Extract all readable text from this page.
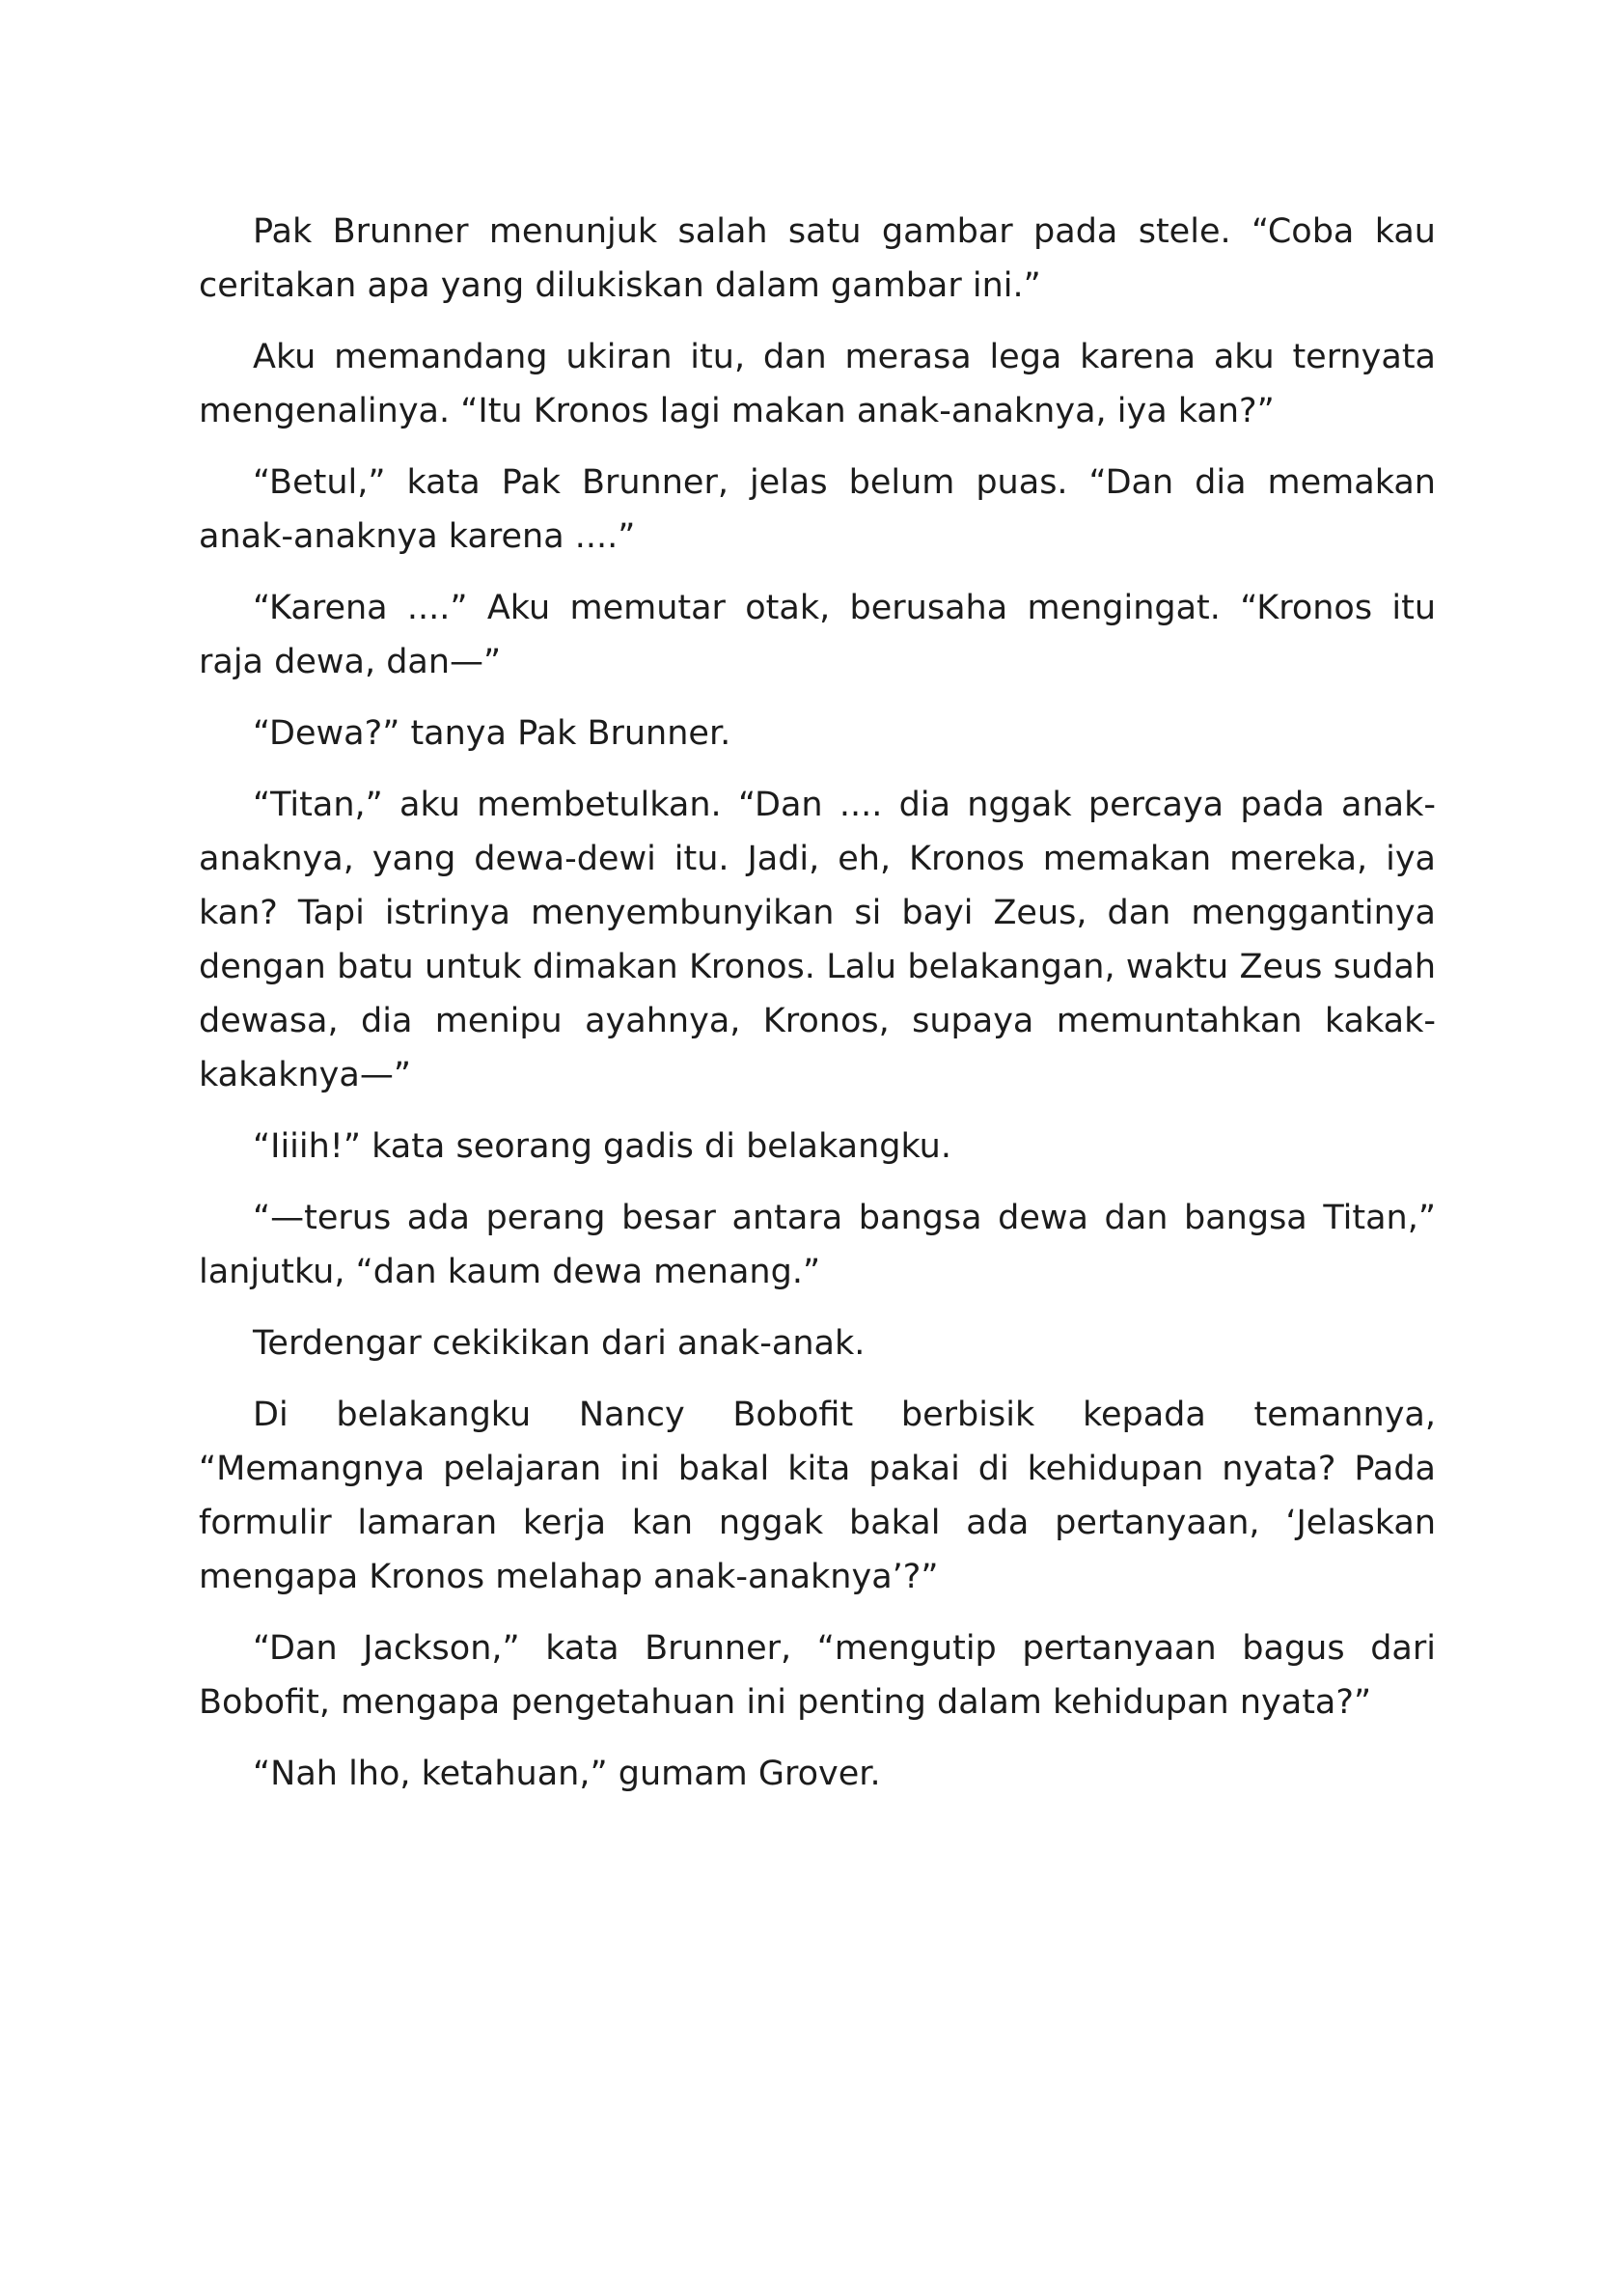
Pak Brunner menunjuk salah satu gambar pada stele. “Coba kau ceritakan apa yang dilukiskan dalam gambar ini.”

Aku memandang ukiran itu, dan merasa lega karena aku ternyata mengenalinya. “Itu Kronos lagi makan anak-anaknya, iya kan?”

“Betul,” kata Pak Brunner, jelas belum puas. “Dan dia memakan anak-anaknya karena ....”

“Karena ....” Aku memutar otak, berusaha mengingat. “Kronos itu raja dewa, dan—”

“Dewa?” tanya Pak Brunner.

“Titan,” aku membetulkan. “Dan .... dia nggak percaya pada anak-anaknya, yang dewa-dewi itu. Jadi, eh, Kronos memakan mereka, iya kan? Tapi istrinya menyembunyikan si bayi Zeus, dan menggantinya dengan batu untuk dimakan Kronos. Lalu belakangan, waktu Zeus sudah dewasa, dia menipu ayahnya, Kronos, supaya memuntahkan kakak-kakaknya—”

“Iiiih!” kata seorang gadis di belakangku.

“—terus ada perang besar antara bangsa dewa dan bangsa Titan,” lanjutku, “dan kaum dewa menang.”

Terdengar cekikikan dari anak-anak.

Di belakangku Nancy Bobofit berbisik kepada temannya, “Memangnya pelajaran ini bakal kita pakai di kehidupan nyata? Pada formulir lamaran kerja kan nggak bakal ada pertanyaan, ‘Jelaskan mengapa Kronos melahap anak-anaknya’?”

“Dan Jackson,” kata Brunner, “mengutip pertanyaan bagus dari Bobofit, mengapa pengetahuan ini penting dalam kehidupan nyata?”

“Nah lho, ketahuan,” gumam Grover.
